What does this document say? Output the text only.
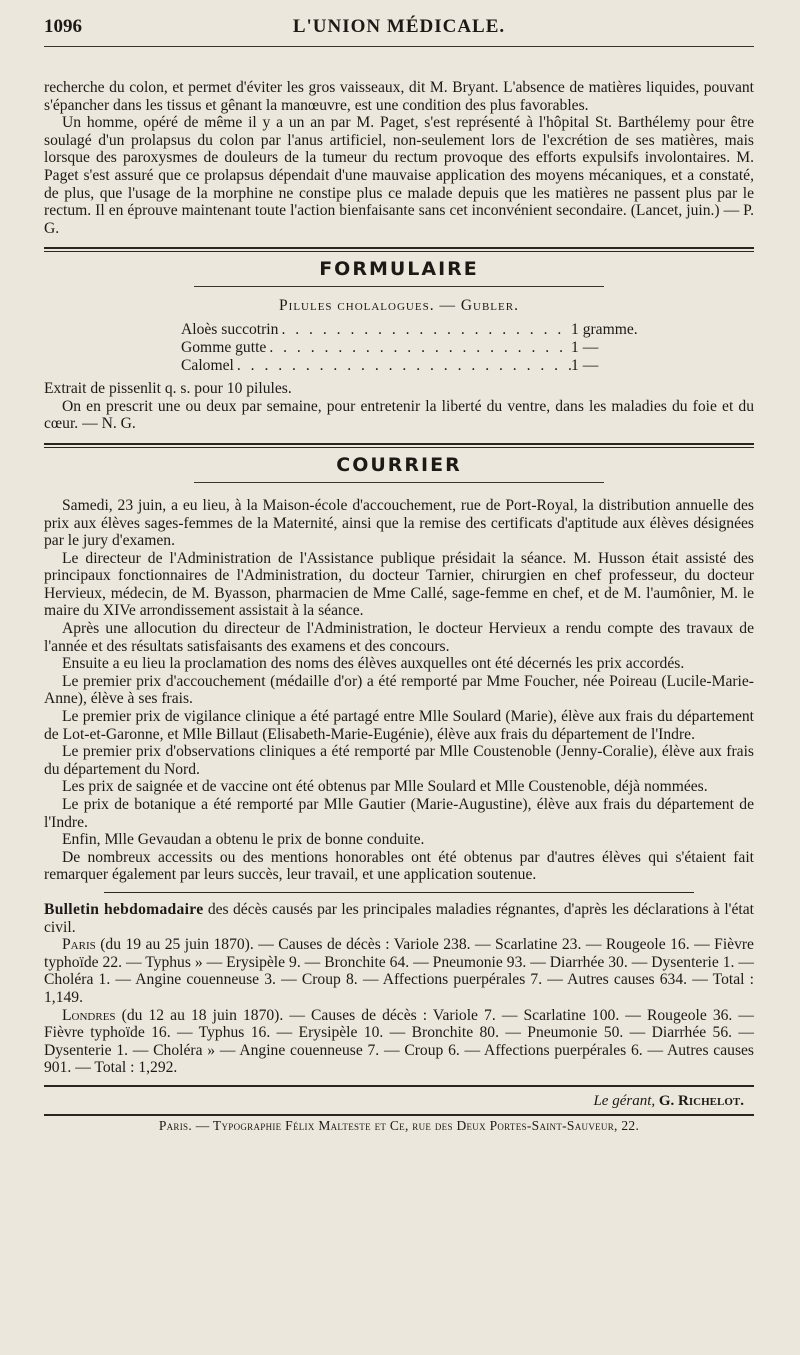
1096	L'UNION MÉDICALE.

recherche du colon, et permet d'éviter les gros vaisseaux, dit M. Bryant. L'absence de matières liquides, pouvant s'épancher dans les tissus et gênant la manœuvre, est une condition des plus favorables.

Un homme, opéré de même il y a un an par M. Paget, s'est représenté à l'hôpital St. Barthélemy pour être soulagé d'un prolapsus du colon par l'anus artificiel, non-seulement lors de l'excrétion de ses matières, mais lorsque des paroxysmes de douleurs de la tumeur du rectum provoque des efforts expulsifs involontaires. M. Paget s'est assuré que ce prolapsus dépendait d'une mauvaise application des moyens mécaniques, et a constaté, de plus, que l'usage de la morphine ne constipe plus ce malade depuis que les matières ne passent plus par le rectum. Il en éprouve maintenant toute l'action bienfaisante sans cet inconvénient secondaire. (Lancet, juin.) — P. G.

FORMULAIRE
Pilules cholalogues. — Gubler.
Aloès succotrin . . .	1 gramme.
Gomme gutte . . .	1 —
Calomel . . .	1 —

Extrait de pissenlit q. s. pour 10 pilules.

On en prescrit une ou deux par semaine, pour entretenir la liberté du ventre, dans les maladies du foie et du cœur. — N. G.

COURRIER

Samedi, 23 juin, a eu lieu, à la Maison-école d'accouchement, rue de Port-Royal, la distribution annuelle des prix aux élèves sages-femmes de la Maternité, ainsi que la remise des certificats d'aptitude aux élèves désignées par le jury d'examen.

Le directeur de l'Administration de l'Assistance publique présidait la séance. M. Husson était assisté des principaux fonctionnaires de l'Administration, du docteur Tarnier, chirurgien en chef professeur, du docteur Hervieux, médecin, de M. Byasson, pharmacien de Mme Callé, sage-femme en chef, et de M. l'aumônier, M. le maire du XIVe arrondissement assistait à la séance.

Après une allocution du directeur de l'Administration, le docteur Hervieux a rendu compte des travaux de l'année et des résultats satisfaisants des examens et des concours.

Ensuite a eu lieu la proclamation des noms des élèves auxquelles ont été décernés les prix accordés.

Le premier prix d'accouchement (médaille d'or) a été remporté par Mme Foucher, née Poireau (Lucile-Marie-Anne), élève à ses frais.

Le premier prix de vigilance clinique a été partagé entre Mlle Soulard (Marie), élève aux frais du département de Lot-et-Garonne, et Mlle Billaut (Elisabeth-Marie-Eugénie), élève aux frais du département de l'Indre.

Le premier prix d'observations cliniques a été remporté par Mlle Coustenoble (Jenny-Coralie), élève aux frais du département du Nord.

Les prix de saignée et de vaccine ont été obtenus par Mlle Soulard et Mlle Coustenoble, déjà nommées.

Le prix de botanique a été remporté par Mlle Gautier (Marie-Augustine), élève aux frais du département de l'Indre.

Enfin, Mlle Gevaudan a obtenu le prix de bonne conduite.

De nombreux accessits ou des mentions honorables ont été obtenus par d'autres élèves qui s'étaient fait remarquer également par leurs succès, leur travail, et une application soutenue.

Bulletin hebdomadaire des décès causés par les principales maladies régnantes, d'après les déclarations à l'état civil.

Paris (du 19 au 25 juin 1870). — Causes de décès : Variole 238. — Scarlatine 23. — Rougeole 16. — Fièvre typhoïde 22. — Typhus » — Erysipèle 9. — Bronchite 64. — Pneumonie 93. — Diarrhée 30. — Dysenterie 1. — Choléra 1. — Angine couenneuse 3. — Croup 8. — Affections puerpérales 7. — Autres causes 634. — Total : 1,149.

Londres (du 12 au 18 juin 1870). — Causes de décès : Variole 7. — Scarlatine 100. — Rougeole 36. — Fièvre typhoïde 16. — Typhus 16. — Erysipèle 10. — Bronchite 80. — Pneumonie 50. — Diarrhée 56. — Dysenterie 1. — Choléra » — Angine couenneuse 7. — Croup 6. — Affections puerpérales 6. — Autres causes 901. — Total : 1,292.

Le gérant, G. Richelot.
Paris. — Typographie Félix Malteste et Ce, rue des Deux Portes-Saint-Sauveur, 22.
